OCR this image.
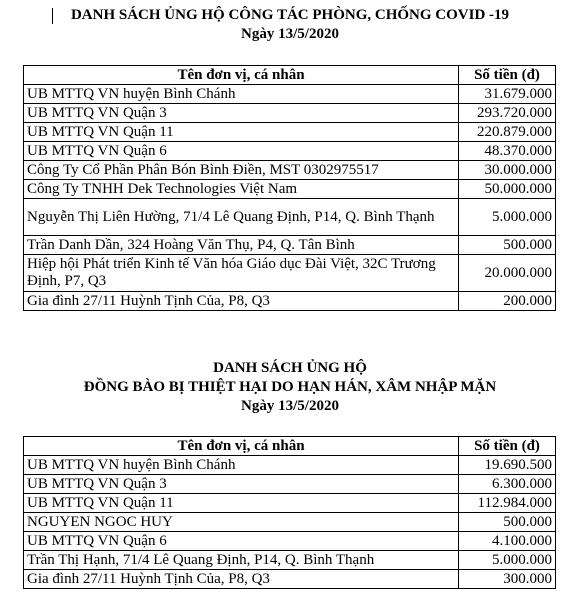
DANH SÁCH ỦNG HỘ CÔNG TÁC PHÒNG, CHỐNG COVID -19
Ngày 13/5/2020
Tên đơn vị, cá nhân	Số tiền (đ)
UB MTTQ VN huyện Bình Chánh	31.679.000
UB MTTQ VN Quận 3	293.720.000
UB MTTQ VN Quận 11	220.879.000
UB MTTQ VN Quận 6	48.370.000
Công Ty Cổ Phần Phân Bón Bình Điền, MST 0302975517	30.000.000
Công Ty TNHH Dek Technologies Việt Nam	50.000.000
Nguyễn Thị Liên Hường, 71/4 Lê Quang Định, P14, Q. Bình Thạnh	5.000.000
Trần Danh Dần, 324 Hoàng Văn Thụ, P4, Q. Tân Bình	500.000
Hiệp hội Phát triển Kinh tế Văn hóa Giáo dục Đài Việt, 32C Trương Định, P7, Q3	20.000.000
Gia đình 27/11 Huỳnh Tịnh Của, P8, Q3	200.000
DANH SÁCH ỦNG HỘ
ĐỒNG BÀO BỊ THIỆT HẠI DO HẠN HÁN, XÂM NHẬP MẶN
Ngày 13/5/2020
Tên đơn vị, cá nhân	Số tiền (đ)
UB MTTQ VN huyện Bình Chánh	19.690.500
UB MTTQ VN Quận 3	6.300.000
UB MTTQ VN Quận 11	112.984.000
NGUYEN NGOC HUY	500.000
UB MTTQ VN Quận 6	4.100.000
Trần Thị Hạnh, 71/4 Lê Quang Định, P14, Q. Bình Thạnh	5.000.000
Gia đình 27/11 Huỳnh Tịnh Của, P8, Q3	300.000
